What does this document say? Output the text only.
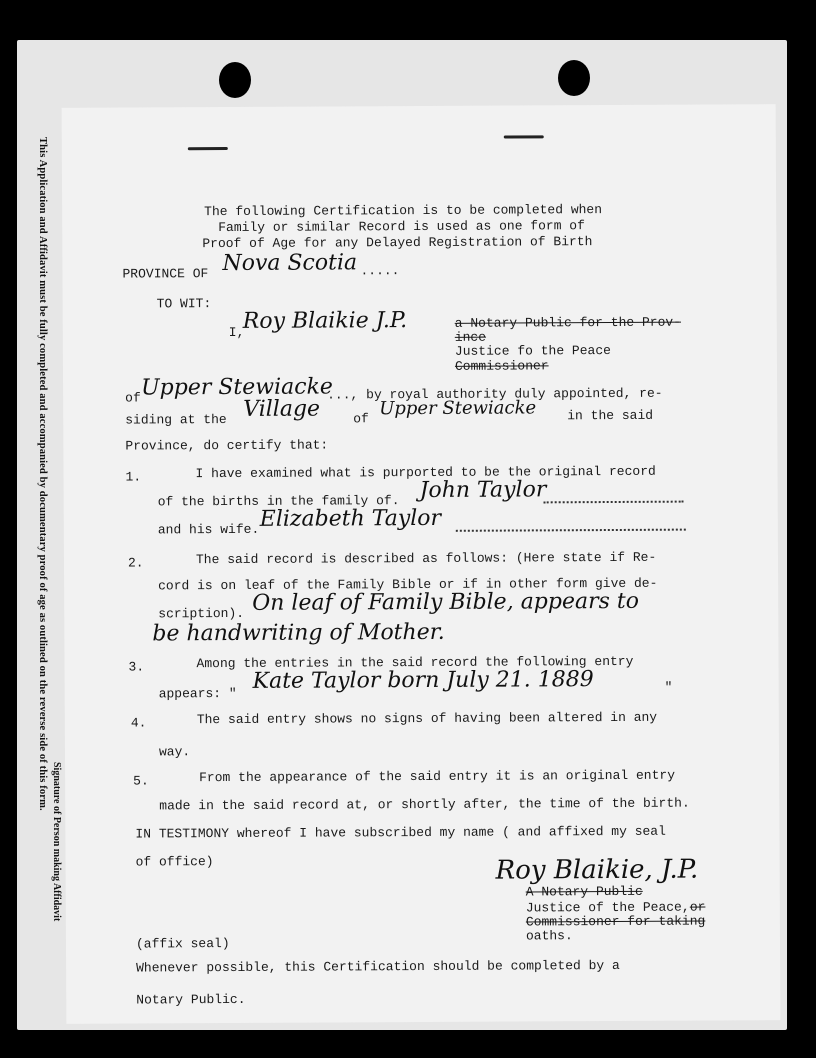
This Application and Affidavit must be fully completed and accompanied by documentary proof of age as outlined on the reverse side of this form.
Signature of Person making Affidavit
The following Certification is to be completed when
Family or similar Record is used as one form of
Proof of Age for any Delayed Registration of Birth
PROVINCE OF Nova Scotia .....
TO WIT:
I,
Roy Blaikie J.P.	a Notary Public for the Prov-
ince
Justice fo the Peace
Commissioner
of Upper Stewiacke
..., by royal authority duly appointed, re-
siding at the Village	of Upper Stewiacke in the said
Province, do certify that:
1.	I have examined what is purported to be the original record
of the births in the family of. John Taylor
and his wife. Elizabeth Taylor
2.	The said record is described as follows: (Here state if Re-
cord is on leaf of the Family Bible or if in other form give de-
scription). On leaf of Family Bible, appears to
be handwriting of Mother.
3.	Among the entries in the said record the following entry
appears: " Kate Taylor born July 21. 1889	"
4.	The said entry shows no signs of having been altered in any
way.
5.	From the appearance of the said entry it is an original entry
made in the said record at, or shortly after, the time of the birth.
IN TESTIMONY whereof I have subscribed my name ( and affixed my seal
of office)	Roy Blaikie, J.P.
A Notary Public
Justice of the Peace, or
Commissioner for taking
oaths.
(affix seal)
Whenever possible, this Certification should be completed by a
Notary Public.
